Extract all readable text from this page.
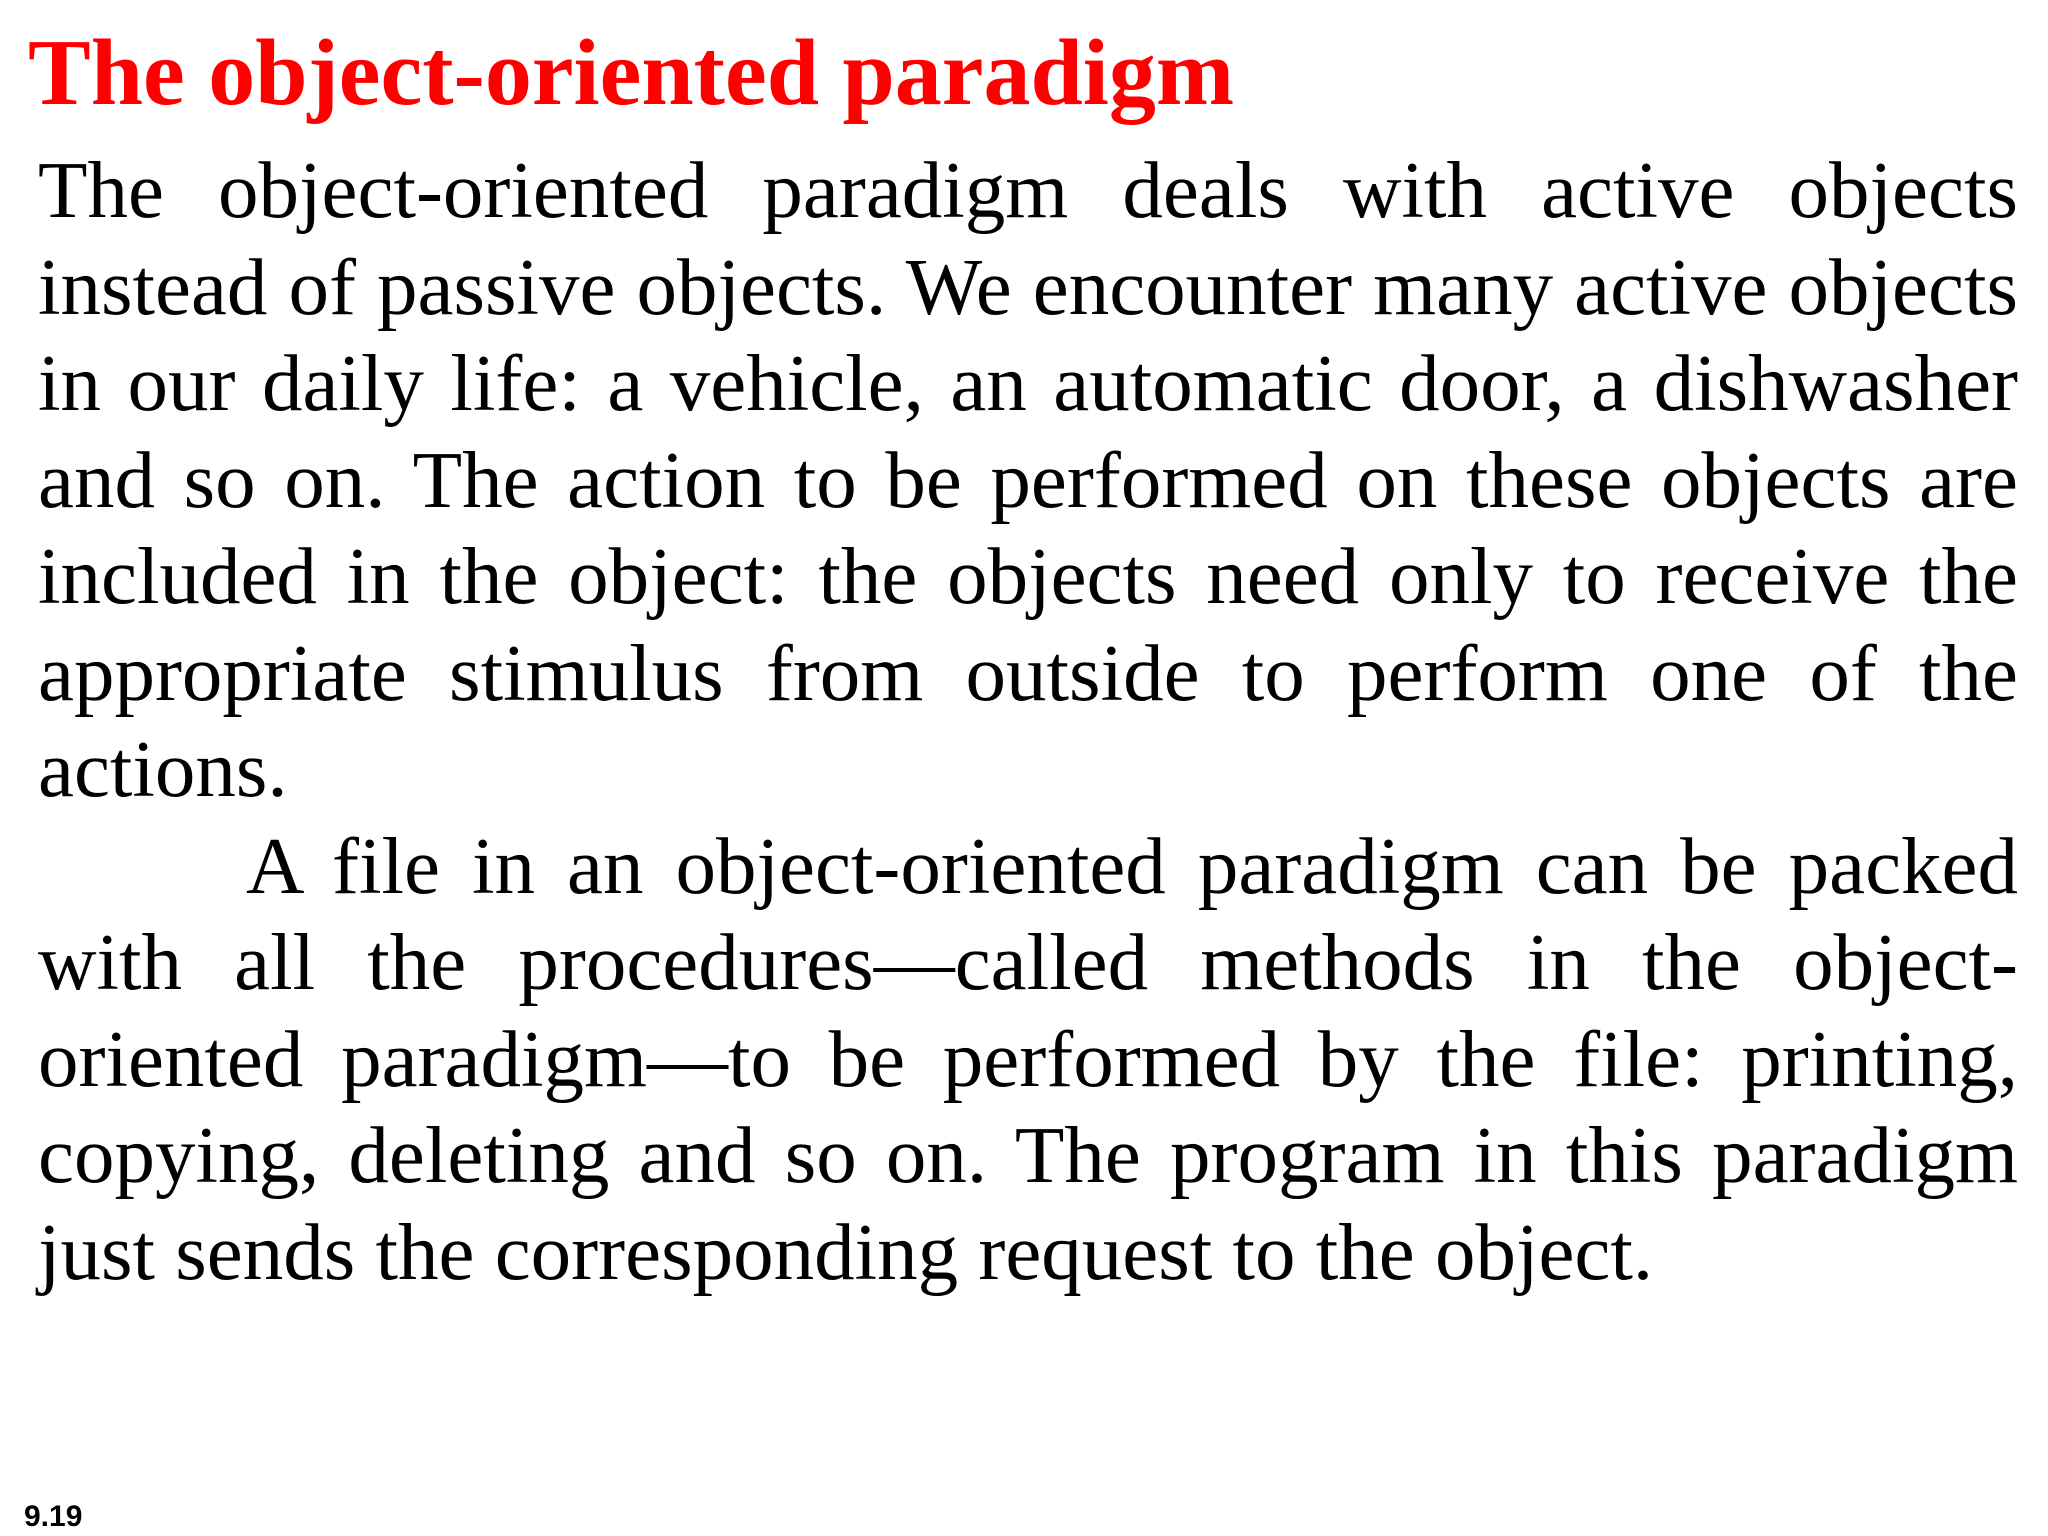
The object-oriented paradigm

The object-oriented paradigm deals with active objects instead of passive objects. We encounter many active objects in our daily life: a vehicle, an automatic door, a dishwasher and so on. The action to be performed on these objects are included in the object: the objects need only to receive the appropriate stimulus from outside to perform one of the actions.

A file in an object-oriented paradigm can be packed with all the procedures—called methods in the object-oriented paradigm—to be performed by the file: printing, copying, deleting and so on. The program in this paradigm just sends the corresponding request to the object.

9.19
